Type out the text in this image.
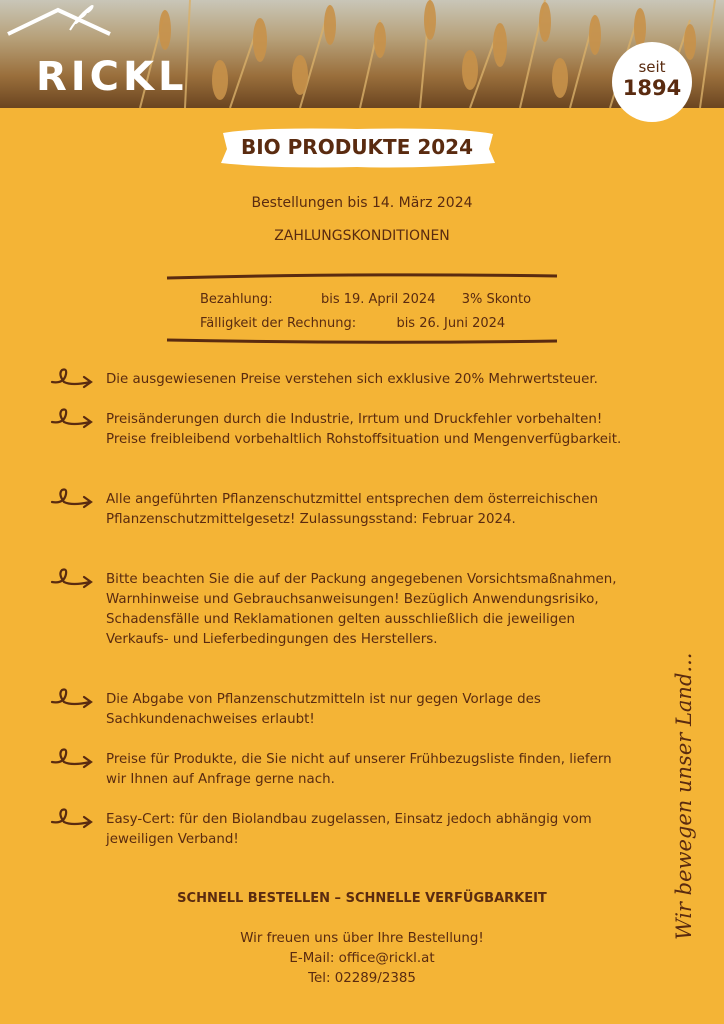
RICKL	seit
1894
BIO PRODUKTE 2024
Bestellungen bis 14. März 2024
ZAHLUNGSKONDITIONEN
Bezahlung:	bis 19. April 2024 3% Skonto
Fälligkeit der Rechnung:	bis 26. Juni 2024
Die ausgewiesenen Preise verstehen sich exklusive 20% Mehrwertsteuer.
Preisänderungen durch die Industrie, Irrtum und Druckfehler vorbehalten! Preise freibleibend vorbehaltlich Rohstoffsituation und Mengenverfügbarkeit.
Alle angeführten Pflanzenschutzmittel entsprechen dem österreichischen Pflanzenschutzmittelgesetz! Zulassungsstand: Februar 2024.
Bitte beachten Sie die auf der Packung angegebenen Vorsichtsmaßnahmen, Warnhinweise und Gebrauchsanweisungen! Bezüglich Anwendungsrisiko, Schadensfälle und Reklamationen gelten ausschließlich die jeweiligen Verkaufs- und Lieferbedingungen des Herstellers.
Die Abgabe von Pflanzenschutzmitteln ist nur gegen Vorlage des Sachkundenachweises erlaubt!
Preise für Produkte, die Sie nicht auf unserer Frühbezugsliste finden, liefern wir Ihnen auf Anfrage gerne nach.
Easy-Cert: für den Biolandbau zugelassen, Einsatz jedoch abhängig vom jeweiligen Verband!
SCHNELL BESTELLEN – SCHNELLE VERFÜGBARKEIT
Wir freuen uns über Ihre Bestellung!
E-Mail: office@rickl.at
Tel: 02289/2385
Wir bewegen unser Land...
